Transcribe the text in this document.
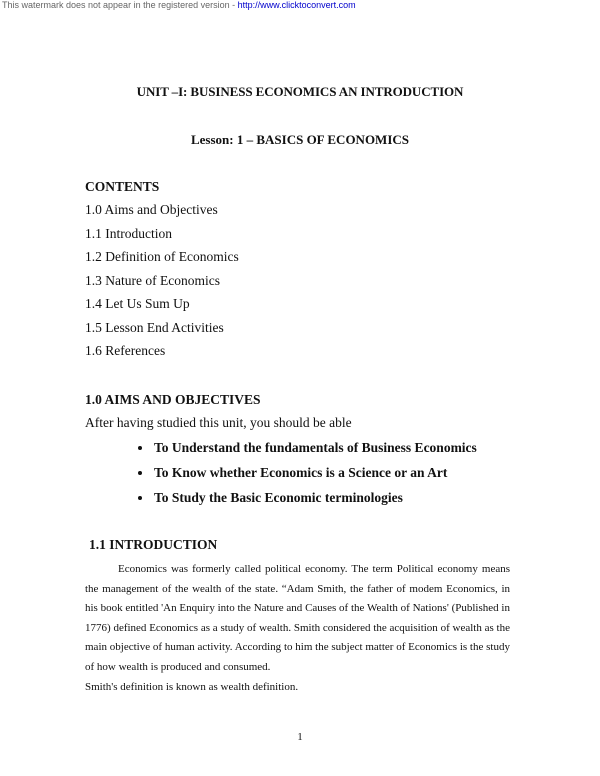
This watermark does not appear in the registered version - http://www.clicktoconvert.com
UNIT –I: BUSINESS ECONOMICS AN INTRODUCTION
Lesson: 1 – BASICS OF ECONOMICS
CONTENTS
1.0 Aims and Objectives
1.1 Introduction
1.2 Definition of Economics
1.3 Nature of Economics
1.4 Let Us Sum Up
1.5 Lesson End Activities
1.6 References
1.0 AIMS AND OBJECTIVES
After having studied this unit, you should be able
To Understand the fundamentals of Business Economics
To Know whether Economics is a Science or an Art
To Study the Basic Economic terminologies
1.1 INTRODUCTION

Economics was formerly called political economy. The term Political economy means the management of the wealth of the state. “Adam Smith, the father of modem Economics, in his book entitled 'An Enquiry into the Nature and Causes of the Wealth of Nations' (Published in 1776) defined Economics as a study of wealth. Smith considered the acquisition of wealth as the main objective of human activity. According to him the subject matter of Economics is the study of how wealth is produced and consumed.

Smith's definition is known as wealth definition.

1
